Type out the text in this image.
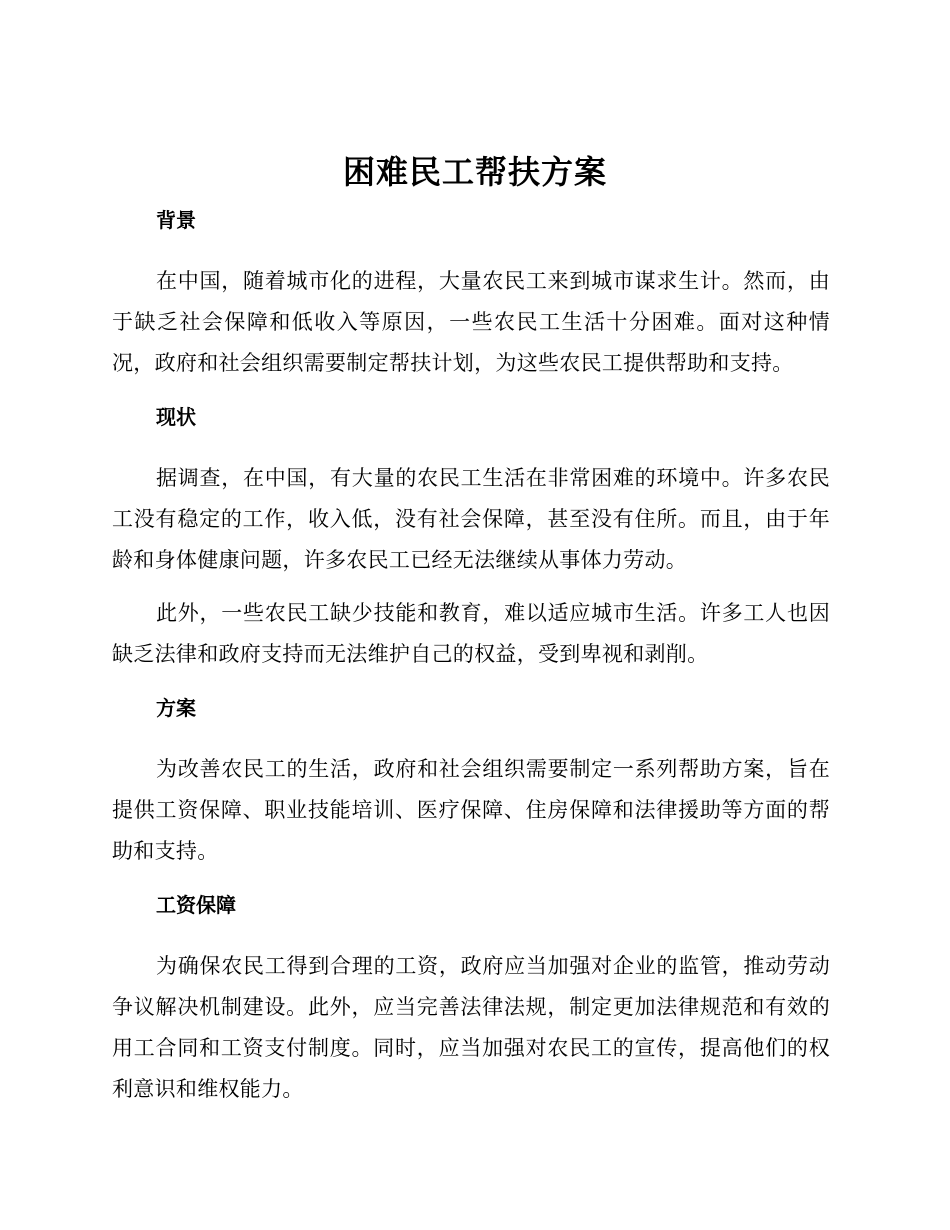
困难民工帮扶方案
背景

在中国，随着城市化的进程，大量农民工来到城市谋求生计。然而，由于缺乏社会保障和低收入等原因，一些农民工生活十分困难。面对这种情况，政府和社会组织需要制定帮扶计划，为这些农民工提供帮助和支持。

现状

据调查，在中国，有大量的农民工生活在非常困难的环境中。许多农民工没有稳定的工作，收入低，没有社会保障，甚至没有住所。而且，由于年龄和身体健康问题，许多农民工已经无法继续从事体力劳动。

此外，一些农民工缺少技能和教育，难以适应城市生活。许多工人也因缺乏法律和政府支持而无法维护自己的权益，受到卑视和剥削。

方案

为改善农民工的生活，政府和社会组织需要制定一系列帮助方案，旨在提供工资保障、职业技能培训、医疗保障、住房保障和法律援助等方面的帮助和支持。

工资保障

为确保农民工得到合理的工资，政府应当加强对企业的监管，推动劳动争议解决机制建设。此外，应当完善法律法规，制定更加法律规范和有效的用工合同和工资支付制度。同时，应当加强对农民工的宣传，提高他们的权利意识和维权能力。
